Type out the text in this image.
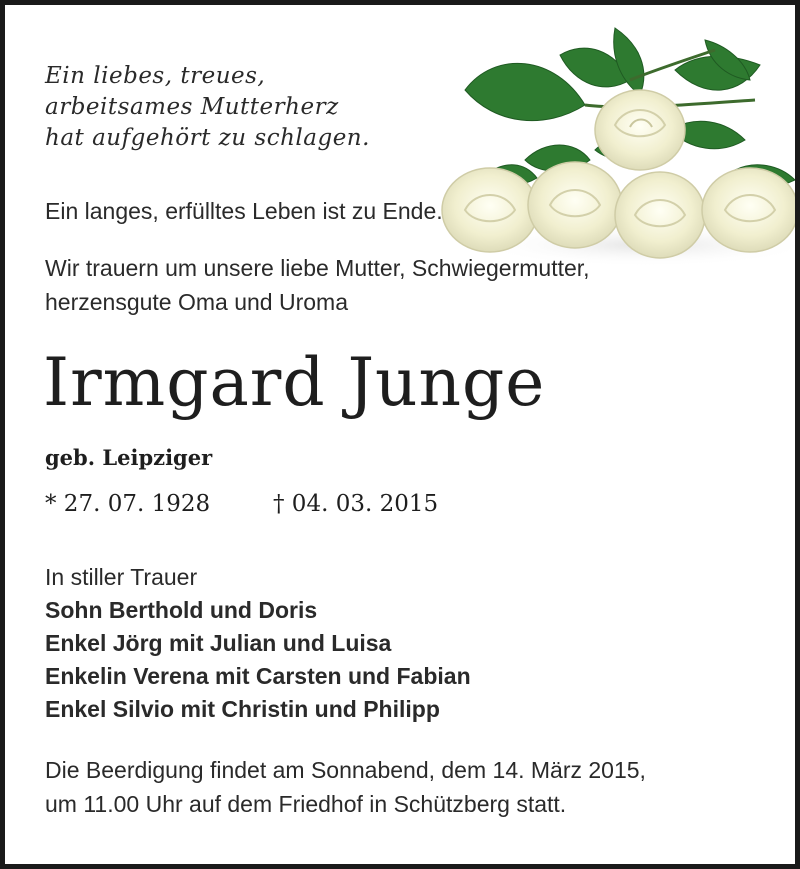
Ein liebes, treues,
arbeitsames Mutterherz
hat aufgehört zu schlagen.
Ein langes, erfülltes Leben ist zu Ende.
Wir trauern um unsere liebe Mutter, Schwiegermutter,
herzensgute Oma und Uroma
Irmgard Junge
geb. Leipziger
* 27. 07. 1928	† 04. 03. 2015
In stiller Trauer
Sohn Berthold und Doris
Enkel Jörg mit Julian und Luisa
Enkelin Verena mit Carsten und Fabian
Enkel Silvio mit Christin und Philipp
Die Beerdigung findet am Sonnabend, dem 14. März 2015,
um 11.00 Uhr auf dem Friedhof in Schützberg statt.
